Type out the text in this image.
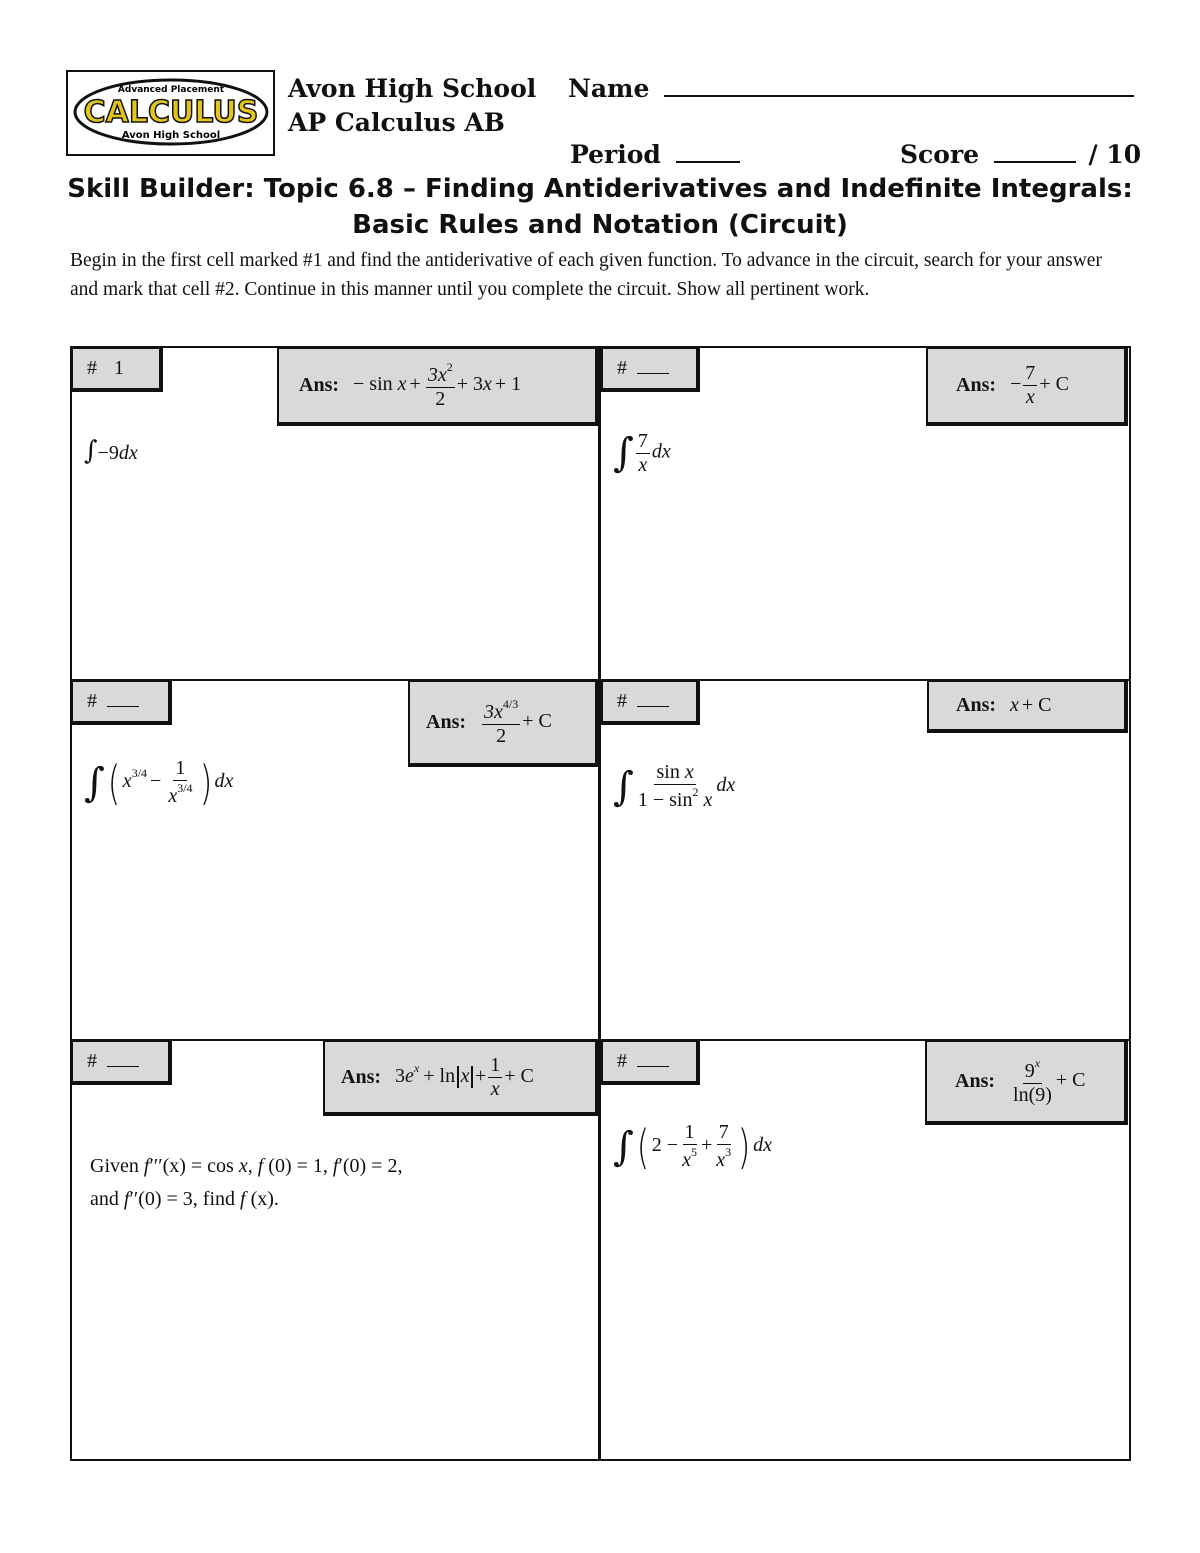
Advanced Placement
CALCULUS
Avon High School
Avon High School
AP Calculus AB
Name
Period	Score	/ 10
Skill Builder: Topic 6.8 – Finding Antiderivatives and Indefinite Integrals:
Basic Rules and Notation (Circuit)
Begin in the first cell marked #1 and find the antiderivative of each given function. To advance in the circuit, search for your answer and mark that cell #2. Continue in this manner until you complete the circuit. Show all pertinent work.
# 1
Ans: − $\sin x + \frac{3x^2}{2} + 3x + 1$
∫−9dx
#
Ans: − $\frac{7}{x} + C$
∫ $\frac{7}{x}$ dx
#
Ans: $\frac{3x^{4/3}}{2} + C$
∫( $x^{3/4} - \frac{1}{x^{3/4}}$ ) dx
#	Ans: x + C
∫ $\frac{\text{sin x}}{1 - \sin^2 x}$ dx
#
Ans: $3e^x + \ln x + \frac{1}{x} + C$
Given f′′′(x) = cos x, f (0) = 1, f′(0) = 2,
and f′′(0) = 3, find f (x).
#
Ans: $\frac{9^x}{\ln(9)} + C$
∫( $2 - \frac{1}{x^5} + \frac{7}{x^3}$ ) dx
